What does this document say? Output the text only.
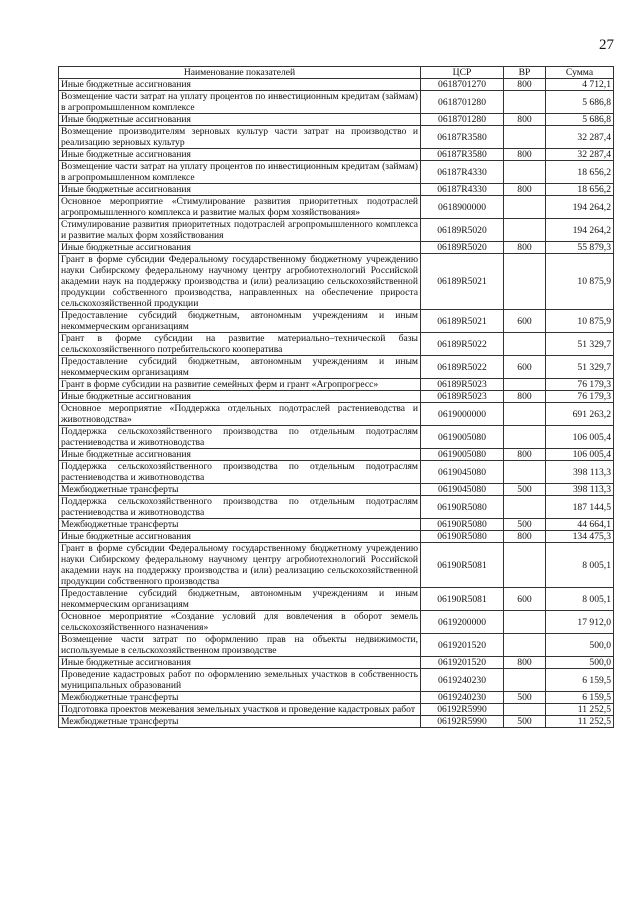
27
Наименование показателей	ЦСР	ВР	Сумма
Иные бюджетные ассигнования	0618701270	800	4 712,1
Возмещение части затрат на уплату процентов по инвестиционным кредитам (займам) в агропромышленном комплексе	0618701280		5 686,8
Иные бюджетные ассигнования	0618701280	800	5 686,8
Возмещение производителям зерновых культур части затрат на производство и реализацию зерновых культур	06187R3580		32 287,4
Иные бюджетные ассигнования	06187R3580	800	32 287,4
Возмещение части затрат на уплату процентов по инвестиционным кредитам (займам) в агропромышленном комплексе	06187R4330		18 656,2
Иные бюджетные ассигнования	06187R4330	800	18 656,2
Основное мероприятие «Стимулирование развития приоритетных подотраслей агропромышленного комплекса и развитие малых форм хозяйствования»	0618900000		194 264,2
Стимулирование развития приоритетных подотраслей агропромышленного комплекса и развитие малых форм хозяйствования	06189R5020		194 264,2
Иные бюджетные ассигнования	06189R5020	800	55 879,3
Грант в форме субсидии Федеральному государственному бюджетному учреждению науки Сибирскому федеральному научному центру агробиотехнологий Российской академии наук на поддержку производства и (или) реализацию сельскохозяйственной продукции собственного производства, направленных на обеспечение прироста сельскохозяйственной продукции	06189R5021		10 875,9
Предоставление субсидий бюджетным, автономным учреждениям и иным некоммерческим организациям	06189R5021	600	10 875,9
Грант в форме субсидии на развитие материально–технической базы сельскохозяйственного потребительского кооператива	06189R5022		51 329,7
Предоставление субсидий бюджетным, автономным учреждениям и иным некоммерческим организациям	06189R5022	600	51 329,7
Грант в форме субсидии на развитие семейных ферм и грант «Агропрогресс»	06189R5023		76 179,3
Иные бюджетные ассигнования	06189R5023	800	76 179,3
Основное мероприятие «Поддержка отдельных подотраслей растениеводства и животноводства»	0619000000		691 263,2
Поддержка сельскохозяйственного производства по отдельным подотраслям растениеводства и животноводства	0619005080		106 005,4
Иные бюджетные ассигнования	0619005080	800	106 005,4
Поддержка сельскохозяйственного производства по отдельным подотраслям растениеводства и животноводства	0619045080		398 113,3
Межбюджетные трансферты	0619045080	500	398 113,3
Поддержка сельскохозяйственного производства по отдельным подотраслям растениеводства и животноводства	06190R5080		187 144,5
Межбюджетные трансферты	06190R5080	500	44 664,1
Иные бюджетные ассигнования	06190R5080	800	134 475,3
Грант в форме субсидии Федеральному государственному бюджетному учреждению науки Сибирскому федеральному научному центру агробиотехнологий Российской академии наук на поддержку производства и (или) реализацию сельскохозяйственной продукции собственного производства	06190R5081		8 005,1
Предоставление субсидий бюджетным, автономным учреждениям и иным некоммерческим организациям	06190R5081	600	8 005,1
Основное мероприятие «Создание условий для вовлечения в оборот земель сельскохозяйственного назначения»	0619200000		17 912,0
Возмещение части затрат по оформлению прав на объекты недвижимости, используемые в сельскохозяйственном производстве	0619201520		500,0
Иные бюджетные ассигнования	0619201520	800	500,0
Проведение кадастровых работ по оформлению земельных участков в собственность муниципальных образований	0619240230		6 159,5
Межбюджетные трансферты	0619240230	500	6 159,5
Подготовка проектов межевания земельных участков и проведение кадастровых работ	06192R5990		11 252,5
Межбюджетные трансферты	06192R5990	500	11 252,5
